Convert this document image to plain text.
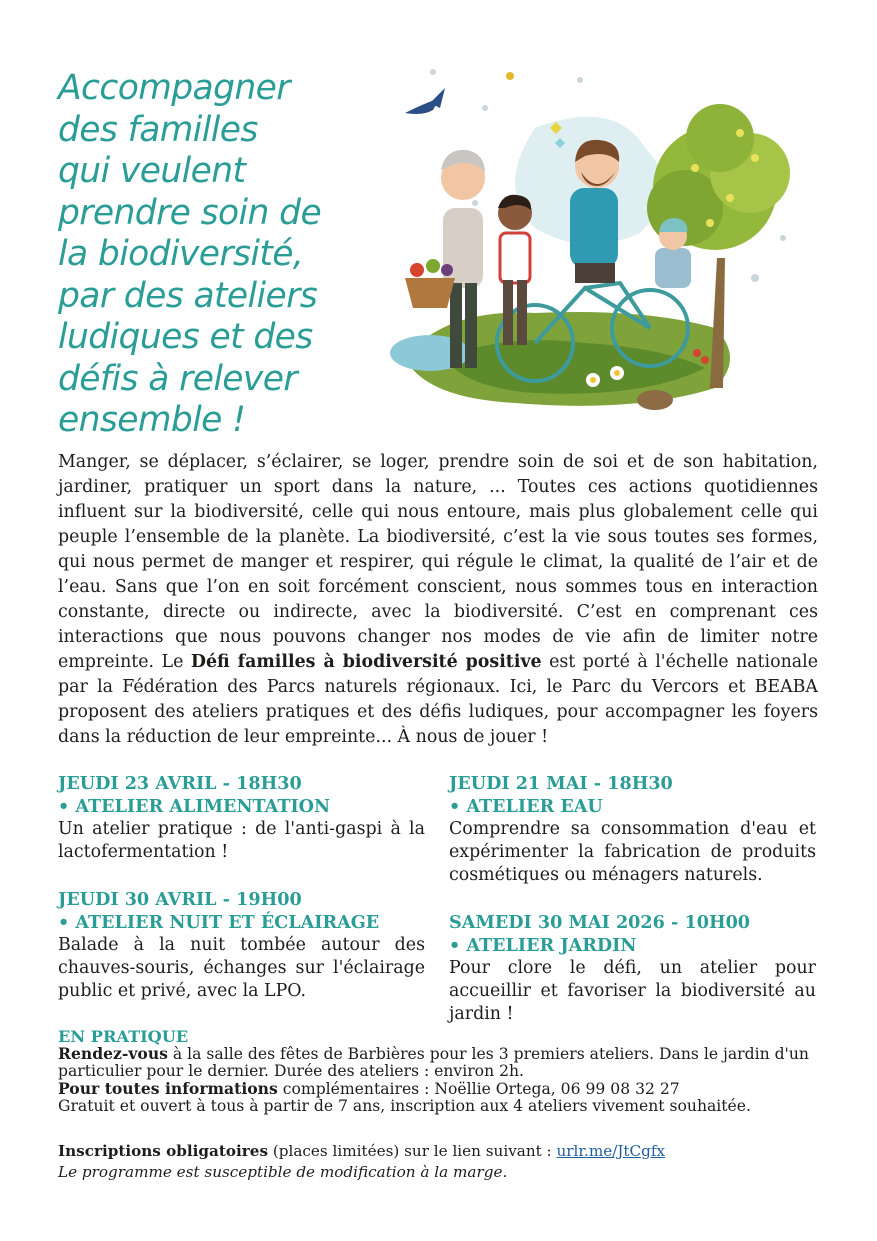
Accompagner
des familles
qui veulent
prendre soin de
la biodiversité,
par des ateliers
ludiques et des
défis à relever
ensemble !
Manger, se déplacer, s’éclairer, se loger, prendre soin de soi et de son habitation, jardiner, pratiquer un sport dans la nature, ... Toutes ces actions quotidiennes influent sur la biodiversité, celle qui nous entoure, mais plus globalement celle qui peuple l’ensemble de la planète. La biodiversité, c’est la vie sous toutes ses formes, qui nous permet de manger et respirer, qui régule le climat, la qualité de l’air et de l’eau. Sans que l’on en soit forcément conscient, nous sommes tous en interaction constante, directe ou indirecte, avec la biodiversité. C’est en comprenant ces interactions que nous pouvons changer nos modes de vie afin de limiter notre empreinte. Le Défi familles à biodiversité positive est porté à l'échelle nationale par la Fédération des Parcs naturels régionaux. Ici, le Parc du Vercors et BEABA proposent des ateliers pratiques et des défis ludiques, pour accompagner les foyers dans la réduction de leur empreinte... À nous de jouer !
JEUDI 23 AVRIL - 18H30
• ATELIER ALIMENTATION
Un atelier pratique : de l'anti-gaspi à la lactofermentation !
JEUDI 21 MAI - 18H30
• ATELIER EAU
Comprendre sa consommation d'eau et expérimenter la fabrication de produits cosmétiques ou ménagers naturels.
JEUDI 30 AVRIL - 19H00
• ATELIER NUIT ET ÉCLAIRAGE
Balade à la nuit tombée autour des chauves-souris, échanges sur l'éclairage public et privé, avec la LPO.
SAMEDI 30 MAI 2026 - 10H00
• ATELIER JARDIN
Pour clore le défi, un atelier pour accueillir et favoriser la biodiversité au jardin !
EN PRATIQUE
Rendez-vous à la salle des fêtes de Barbières pour les 3 premiers ateliers. Dans le jardin d'un particulier pour le dernier. Durée des ateliers : environ 2h.
Pour toutes informations complémentaires : Noëllie Ortega, 06 99 08 32 27
Gratuit et ouvert à tous à partir de 7 ans, inscription aux 4 ateliers vivement souhaitée.
Inscriptions obligatoires (places limitées) sur le lien suivant : urlr.me/JtCgfx
Le programme est susceptible de modification à la marge.
